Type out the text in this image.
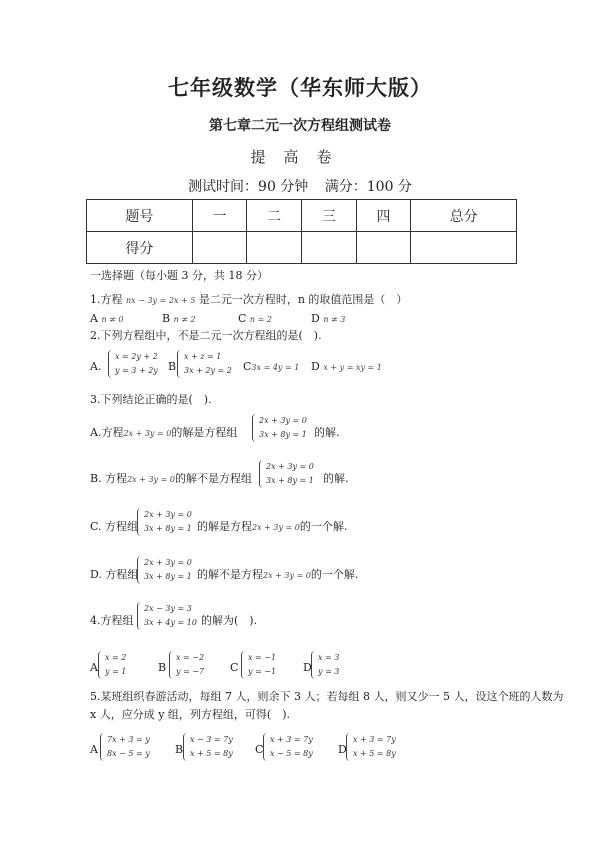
七年级数学（华东师大版）
第七章二元一次方程组测试卷
提高卷
测试时间：90 分钟 满分：100 分
题号	一	二	三	四	总分
得分					
一选择题（每小题 3 分，共 18 分）
1.方程 nx − 3y = 2x + 5 是二元一次方程时，n 的取值范围是（　）
A n ≠ 0	B n ≠ 2	C n = 2	D n ≠ 3
2.下列方程组中，不是二元一次方程组的是(　).
A.
x = 2y + 2
y = 3 + 2y B
x + z = 1
3x + 2y = 2 C3x = 4y = 1 D x + y = xy = 1
3.下列结论正确的是(　).
A.方程2x + 3y = 0的解是方程组
2x + 3y = 0
3x + 8y = 1 的解.
B. 方程2x + 3y = 0的解不是方程组
2x + 3y = 0
3x + 8y = 1 的解.
C. 方程组
2x + 3y = 0
3x + 8y = 1 的解是方程2x + 3y = 0的一个解.
D. 方程组
2x + 3y = 0
3x + 8y = 1 的解不是方程2x + 3y = 0的一个解.
4.方程组
2x − 3y = 3
3x + 4y = 10 的解为(　).
A
x = 2
y = 1	B
x = −2
y = −7 C
x = −1
y = −1 D
x = 3
y = 3
5.某班组织春游活动，每组 7 人，则余下 3 人；若每组 8 人，则又少一 5 人，设这个班的人数为
x 人，应分成 y 组，列方程组，可得(　).
A
7x + 3 = y
8x − 5 = y B
x − 3 = 7y
x + 5 = 8y C
x + 3 = 7y
x − 5 = 8y D
x + 3 = 7y
x + 5 = 8y
